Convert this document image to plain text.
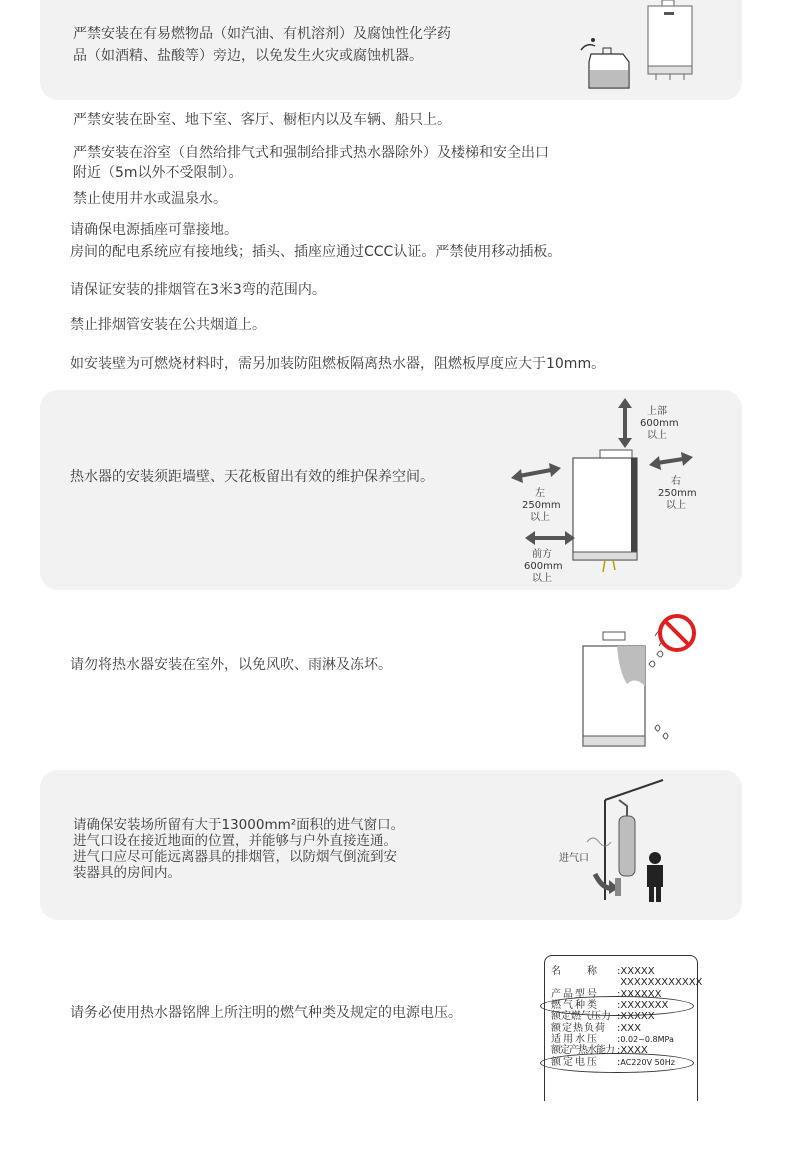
严禁安装在有易燃物品（如汽油、有机溶剂）及腐蚀性化学药
品（如酒精、盐酸等）旁边，以免发生火灾或腐蚀机器。
严禁安装在卧室、地下室、客厅、橱柜内以及车辆、船只上。
严禁安装在浴室（自然给排气式和强制给排式热水器除外）及楼梯和安全出口
附近（5m以外不受限制）。
禁止使用井水或温泉水。
请确保电源插座可靠接地。
房间的配电系统应有接地线；插头、插座应通过CCC认证。严禁使用移动插板。
请保证安装的排烟管在3米3弯的范围内。
禁止排烟管安装在公共烟道上。
如安装壁为可燃烧材料时，需另加装防阻燃板隔离热水器，阻燃板厚度应大于10mm。
热水器的安装须距墙壁、天花板留出有效的维护保养空间。
上部
600mm
以上
左
250mm
以上
右
250mm
以上
前方
600mm
以上
请勿将热水器安装在室外，以免风吹、雨淋及冻坏。
请确保安装场所留有大于13000mm²面积的进气窗口。
进气口设在接近地面的位置，并能够与户外直接连通。
进气口应尽可能远离器具的排烟管，以防烟气倒流到安
装器具的房间内。
进气口
请务必使用热水器铭牌上所注明的燃气种类及规定的电源电压。
名　　称 :XXXXX
XXXXXXXXXXXX
产品型号 :XXXXXX
燃气种类 :XXXXXXX
额定燃气压力 :XXXXX
额定热负荷 :XXX
适用水压 :0.02~0.8MPa
额定产热水能力 :XXXX
额定电压 :AC220V 50Hz
